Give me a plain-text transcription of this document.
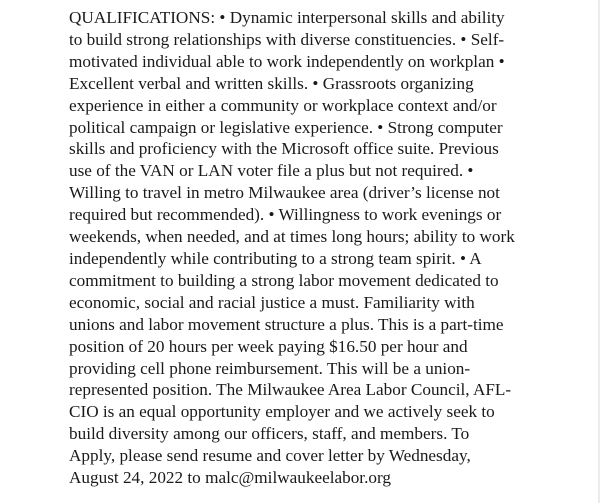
QUALIFICATIONS: • Dynamic interpersonal skills and ability
to build strong relationships with diverse constituencies. • Self-
motivated individual able to work independently on workplan •
Excellent verbal and written skills. • Grassroots organizing
experience in either a community or workplace context and/or
political campaign or legislative experience. • Strong computer
skills and proficiency with the Microsoft office suite. Previous
use of the VAN or LAN voter file a plus but not required. •
Willing to travel in metro Milwaukee area (driver’s license not
required but recommended). • Willingness to work evenings or
weekends, when needed, and at times long hours; ability to work
independently while contributing to a strong team spirit. • A
commitment to building a strong labor movement dedicated to
economic, social and racial justice a must. Familiarity with
unions and labor movement structure a plus. This is a part-time
position of 20 hours per week paying $16.50 per hour and
providing cell phone reimbursement. This will be a union-
represented position. The Milwaukee Area Labor Council, AFL-
CIO is an equal opportunity employer and we actively seek to
build diversity among our officers, staff, and members. To
Apply, please send resume and cover letter by Wednesday,
August 24, 2022 to malc@milwaukeelabor.org
